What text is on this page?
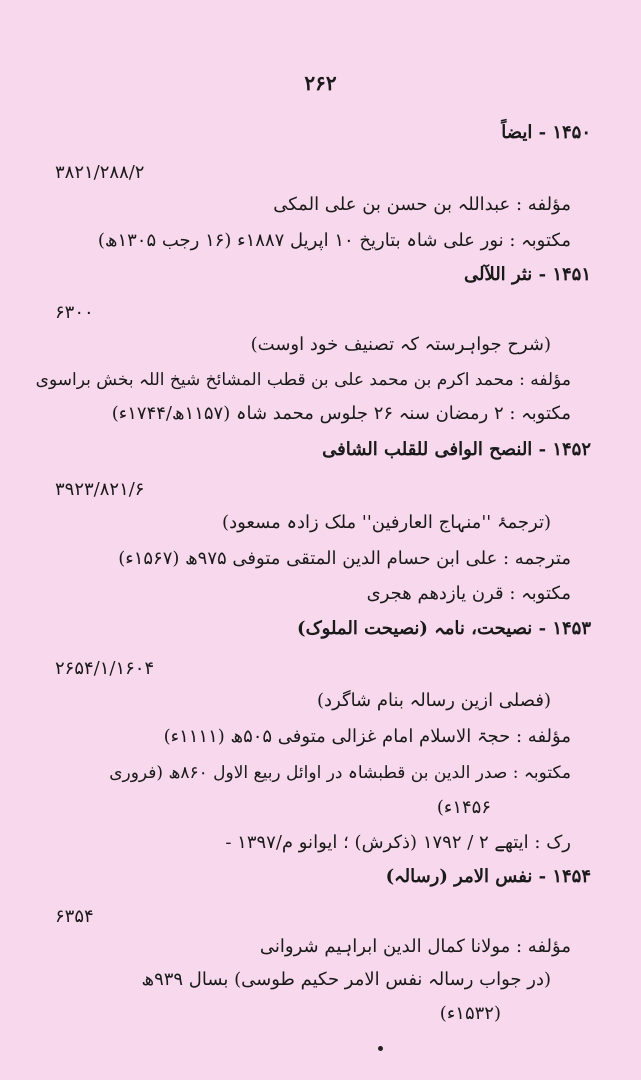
۲۶۲
۱۴۵۰ - ایضاً
۳۸۲۱/۲۸۸/۲
مؤلفه : عبداللہ بن حسن بن علی المکی
مکتوبہ : نور علی شاہ بتاریخ ۱۰ اپریل ۱۸۸۷ء (۱۶ رجب ۱۳۰۵ھ)
۱۴۵۱ - نثر اللآلی
۶۳۰۰
(شرح جواہرستہ کہ تصنیف خود اوست)
مؤلفه : محمد اکرم بن محمد علی بن قطب المشائخ شیخ اللہ بخش براسوی
مکتوبہ : ۲ رمضان سنہ ۲۶ جلوس محمد شاہ (۱۱۵۷ھ/۱۷۴۴ء)
۱۴۵۲ - النصح الوافی للقلب الشافی
۳۹۲۳/۸۲۱/۶
(ترجمۂ ''منہاج العارفین'' ملک زادہ مسعود)
مترجمه : علی ابن حسام الدین المتقی متوفی ۹۷۵ھ (۱۵۶۷ء)
مکتوبہ : قرن یازدهم هجری
۱۴۵۳ - نصیحت، نامہ (نصیحت الملوک)
۲۶۵۴/۱/۱۶۰۴
(فصلی ازین رسالہ بنام شاگرد)
مؤلفه : حجۃ الاسلام امام غزالی متوفی ۵۰۵ھ (۱۱۱۱ء)
مکتوبہ : صدر الدین بن قطبشاہ در اوائل ربیع الاول ۸۶۰ھ (فروری
۱۴۵۶ء)
رک : ایتھے ۲ / ۱۷۹۲ (ذکرش) ؛ ایوانو م/۱۳۹۷ -
۱۴۵۴ - نفس الامر (رسالہ)
۶۳۵۴
مؤلفه : مولانا کمال الدین ابراہیم شروانی
(در جواب رسالہ نفس الامر حکیم طوسی) بسال ۹۳۹ھ
(۱۵۳۲ء)
